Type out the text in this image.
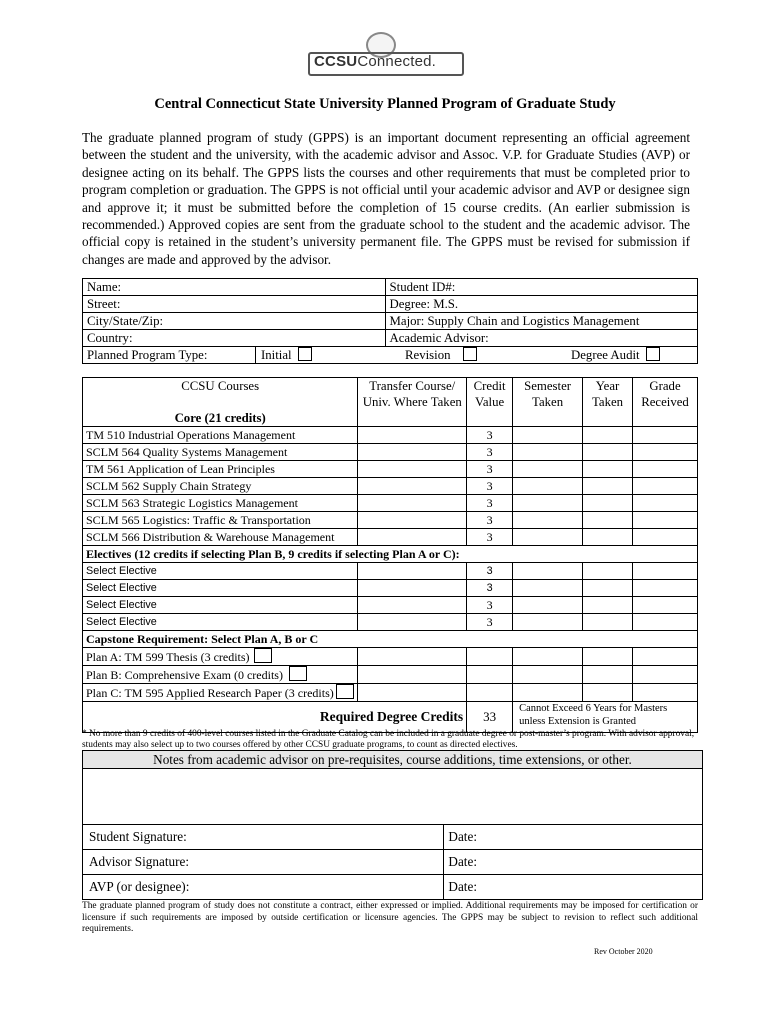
CCSUConnected.
Central Connecticut State University Planned Program of Graduate Study
The graduate planned program of study (GPPS) is an important document representing an official agreement between the student and the university, with the academic advisor and Assoc. V.P. for Graduate Studies (AVP) or designee acting on its behalf. The GPPS lists the courses and other requirements that must be completed prior to program completion or graduation. The GPPS is not official until your academic advisor and AVP or designee sign and approve it; it must be submitted before the completion of 15 course credits. (An earlier submission is recommended.) Approved copies are sent from the graduate school to the student and the academic advisor. The official copy is retained in the student’s university permanent file. The GPPS must be revised for submission if changes are made and approved by the advisor.
Name:	Student ID#:
Street:	Degree: M.S.
City/State/Zip:	Major: Supply Chain and Logistics Management
Country:	Academic Advisor:

Planned Program Type: Initial Revision Degree Audit	
CCSU Courses
Core (21 credits)	Transfer Course/ Univ. Where Taken	Credit Value	Semester Taken	Year Taken	Grade Received
TM 510 Industrial Operations Management		3			
SCLM 564 Quality Systems Management		3			
TM 561 Application of Lean Principles		3			
SCLM 562 Supply Chain Strategy		3			
SCLM 563 Strategic Logistics Management		3			
SCLM 565 Logistics: Traffic & Transportation		3			
SCLM 566 Distribution & Warehouse Management		3			
Electives (12 credits if selecting Plan B, 9 credits if selecting Plan A or C):					
Select Elective		3			
Select Elective		3			
Select Elective		3			
Select Elective		3			
Capstone Requirement: Select Plan A, B or C					
Plan A: TM 599 Thesis (3 credits)					
Plan B: Comprehensive Exam (0 credits)					
Plan C: TM 595 Applied Research Paper (3 credits)					
Required Degree Credits		33	Cannot Exceed 6 Years for Masters unless Extension is Granted		
* No more than 9 credits of 400-level courses listed in the Graduate Catalog can be included in a graduate degree or post-master’s program. With advisor approval, students may also select up to two courses offered by other CCSU graduate programs, to count as directed electives.
Notes from academic advisor on pre-requisites, course additions, time extensions, or other.	

Student Signature:	Date:
Advisor Signature:	Date:
AVP (or designee):	Date:
The graduate planned program of study does not constitute a contract, either expressed or implied. Additional requirements may be imposed for certification or licensure if such requirements are imposed by outside certification or licensure agencies. The GPPS may be subject to revision to reflect such additional requirements.
Rev October 2020
